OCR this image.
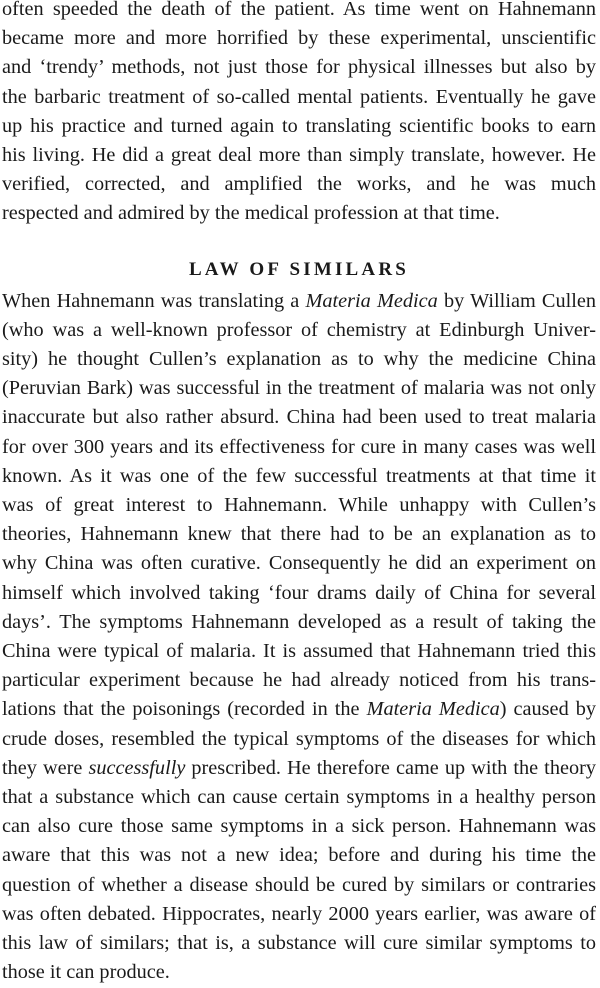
often speeded the death of the patient. As time went on Hahnemann
became more and more horrified by these experimental, unscientific
and ‘trendy’ methods, not just those for physical illnesses but also by
the barbaric treatment of so-called mental patients. Eventually he gave
up his practice and turned again to translating scientific books to earn
his living. He did a great deal more than simply translate, however. He
verified, corrected, and amplified the works, and he was much
respected and admired by the medical profession at that time.

LAW OF SIMILARS

When Hahnemann was translating a Materia Medica by William Cullen
(who was a well-known professor of chemistry at Edinburgh Univer-
sity) he thought Cullen’s explanation as to why the medicine China
(Peruvian Bark) was successful in the treatment of malaria was not only
inaccurate but also rather absurd. China had been used to treat malaria
for over 300 years and its effectiveness for cure in many cases was well
known. As it was one of the few successful treatments at that time it
was of great interest to Hahnemann. While unhappy with Cullen’s
theories, Hahnemann knew that there had to be an explanation as to
why China was often curative. Consequently he did an experiment on
himself which involved taking ‘four drams daily of China for several
days’. The symptoms Hahnemann developed as a result of taking the
China were typical of malaria. It is assumed that Hahnemann tried this
particular experiment because he had already noticed from his trans-
lations that the poisonings (recorded in the Materia Medica) caused by
crude doses, resembled the typical symptoms of the diseases for which
they were successfully prescribed. He therefore came up with the theory
that a substance which can cause certain symptoms in a healthy person
can also cure those same symptoms in a sick person. Hahnemann was
aware that this was not a new idea; before and during his time the
question of whether a disease should be cured by similars or contraries
was often debated. Hippocrates, nearly 2000 years earlier, was aware of
this law of similars; that is, a substance will cure similar symptoms to
those it can produce.
